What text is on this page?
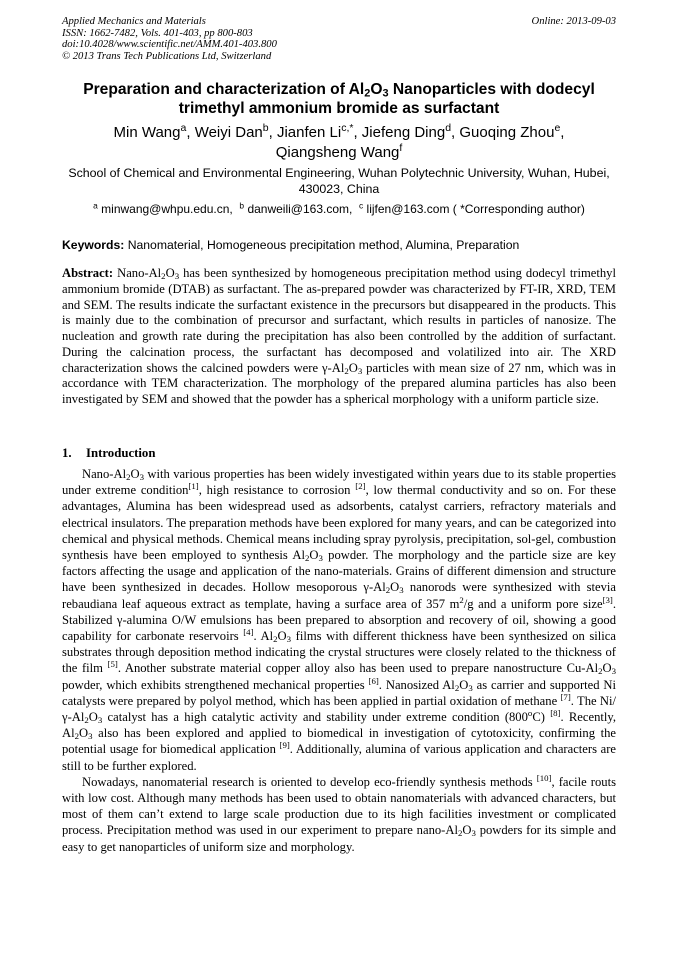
Applied Mechanics and Materials
ISSN: 1662-7482, Vols. 401-403, pp 800-803
doi:10.4028/www.scientific.net/AMM.401-403.800
© 2013 Trans Tech Publications Ltd, Switzerland
Online: 2013-09-03
Preparation and characterization of $Al_2O_3$ Nanoparticles with dodecyl trimethyl ammonium bromide as surfactant
Min Wang$^a$, Weiyi Dan$^b$, Jianfen $Li^{c,*}$, Jiefeng Ding$^d$, Guoqing Zhou$^e$,
Qiangsheng Wang$^f$
School of Chemical and Environmental Engineering, Wuhan Polytechnic University, Wuhan, Hubei, 430023, China
$^a$ minwang@whpu.edu.cn, $^b$ danweili@163.com, $^c$ lijfen@163.com ( *Corresponding author)
Keywords: Nanomaterial, Homogeneous precipitation method, Alumina, Preparation
Abstract: Nano-$Al_2O_3$ has been synthesized by homogeneous precipitation method using dodecyl trimethyl ammonium bromide (DTAB) as surfactant. The as-prepared powder was characterized by FT-IR, XRD, TEM and SEM. The results indicate the surfactant existence in the precursors but disappeared in the products. This is mainly due to the combination of precursor and surfactant, which results in particles of nanosize. The nucleation and growth rate during the precipitation has also been controlled by the addition of surfactant. During the calcination process, the surfactant has decomposed and volatilized into air. The XRD characterization shows the calcined powders were $\gamma-Al_2O_3$ particles with mean size of 27 nm, which was in accordance with TEM characterization. The morphology of the prepared alumina particles has also been investigated by SEM and showed that the powder has a spherical morphology with a uniform particle size.
1. Introduction

Nano-$Al_2O_3$ with various properties has been widely investigated within years due to its stable properties under extreme condition[1], high resistance to corrosion [2], low thermal conductivity and so on. For these advantages, Alumina has been widespread used as adsorbents, catalyst carriers, refractory materials and electrical insulators. The preparation methods have been explored for many years, and can be categorized into chemical and physical methods. Chemical means including spray pyrolysis, precipitation, sol-gel, combustion synthesis have been employed to synthesis $Al_2O_3$ powder. The morphology and the particle size are key factors affecting the usage and application of the nano-materials. Grains of different dimension and structure have been synthesized in decades. Hollow mesoporous $\gamma-Al_2O_3$ nanorods were synthesized with stevia rebaudiana leaf aqueous extract as template, having a surface area of 357 $m^2/g$ and a uniform pore size[3]. Stabilized γ-alumina O/W emulsions has been prepared to absorption and recovery of oil, showing a good capability for carbonate reservoirs [4]. $Al_2O_3$ films with different thickness have been synthesized on silica substrates through deposition method indicating the crystal structures were closely related to the thickness of the film [5]. Another substrate material copper alloy also has been used to prepare nanostructure $Cu-Al_2O_3$ powder, which exhibits strengthened mechanical properties [6]. Nanosized $Al_2O_3$ as carrier and supported Ni catalysts were prepared by polyol method, which has been applied in partial oxidation of methane [7]. The $Ni/\gamma-Al_2O_3$ catalyst has a high catalytic activity and stability under extreme condition (800$^o$C) [8]. Recently, $Al_2O_3$ also has been explored and applied to biomedical in investigation of cytotoxicity, confirming the potential usage for biomedical application [9]. Additionally, alumina of various application and characters are still to be further explored.

Nowadays, nanomaterial research is oriented to develop eco-friendly synthesis methods [10], facile routs with low cost. Although many methods has been used to obtain nanomaterials with advanced characters, but most of them can’t extend to large scale production due to its high facilities investment or complicated process. Precipitation method was used in our experiment to prepare nano-$Al_2O_3$ powders for its simple and easy to get nanoparticles of uniform size and morphology.
